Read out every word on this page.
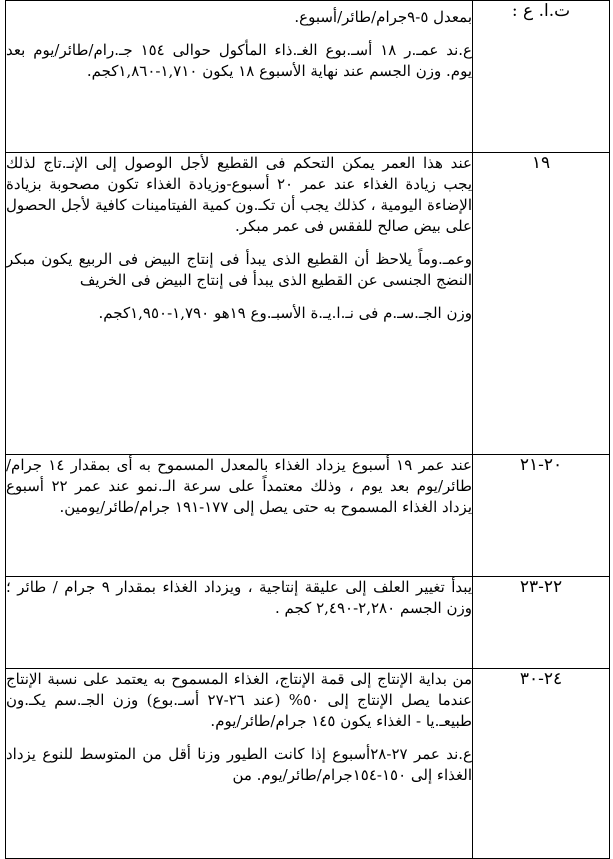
ت.ا. ع :	بمعدل ٥-٩جرام/طائر/أسبوع.

ع.ند عمـ.ر ١٨ أسـ.بوع الغـ.ذاء المأكول حوالى ١٥٤ جـ.رام/طائر/يوم بعد يوم. وزن الجسم عند نهاية الأسبوع ١٨ يكون ١,٧١٠-١,٨٦٠كجم.

١٩	عند هذا العمر يمكن التحكم فى القطيع لأجل الوصول إلى الإنـ.تاج لذلك يجب زيادة الغذاء عند عمر ٢٠ أسبوع-وزيادة الغذاء تكون مصحوبة بزيادة الإضاءة اليومية ، كذلك يجب أن تكـ.ون كمية الفيتامينات كافية لأجل الحصول على بيض صالح للفقس فى عمر مبكر.

وعمـ.وماً يلاحظ أن القطيع الذى يبدأ فى إنتاج البيض فى الربيع يكون مبكر النضج الجنسى عن القطيع الذى يبدأ فى إنتاج البيض فى الخريف

وزن الجـ.سـ.م فى نـ.ا.يـ.ة الأسبـ.وع ١٩هو ١,٧٩٠-١,٩٥٠كجم.

٢٠-٢١	عند عمر ١٩ أسبوع يزداد الغذاء بالمعدل المسموح به أى بمقدار ١٤ جرام/طائر/يوم بعد يوم ، وذلك معتمداً على سرعة الـ.نمو عند عمر ٢٢ أسبوع يزداد الغذاء المسموح به حتى يصل إلى ١٧٧-١٩١ جرام/طائر/يومين.

٢٢-٢٣	يبدأ تغيير العلف إلى عليقة إنتاجية ، ويزداد الغذاء بمقدار ٩ جرام / طائر ؛ وزن الجسم ٢,٢٨٠-٢,٤٩٠ كجم .

٢٤-٣٠	من بداية الإنتاج إلى قمة الإنتاج، الغذاء المسموح به يعتمد على نسبة الإنتاج عندما يصل الإنتاج إلى ٥٠% (عند ٢٦-٢٧ أسـ.بوع) وزن الجـ.سم يكـ.ون طبيعـ.يا - الغذاء يكون ١٤٥ جرام/طائر/يوم.

ع.ند عمر ٢٧-٢٨أسبوع إذا كانت الطيور وزنا أقل من المتوسط للنوع يزداد الغذاء إلى ١٥٠-١٥٤جرام/طائر/يوم. من
